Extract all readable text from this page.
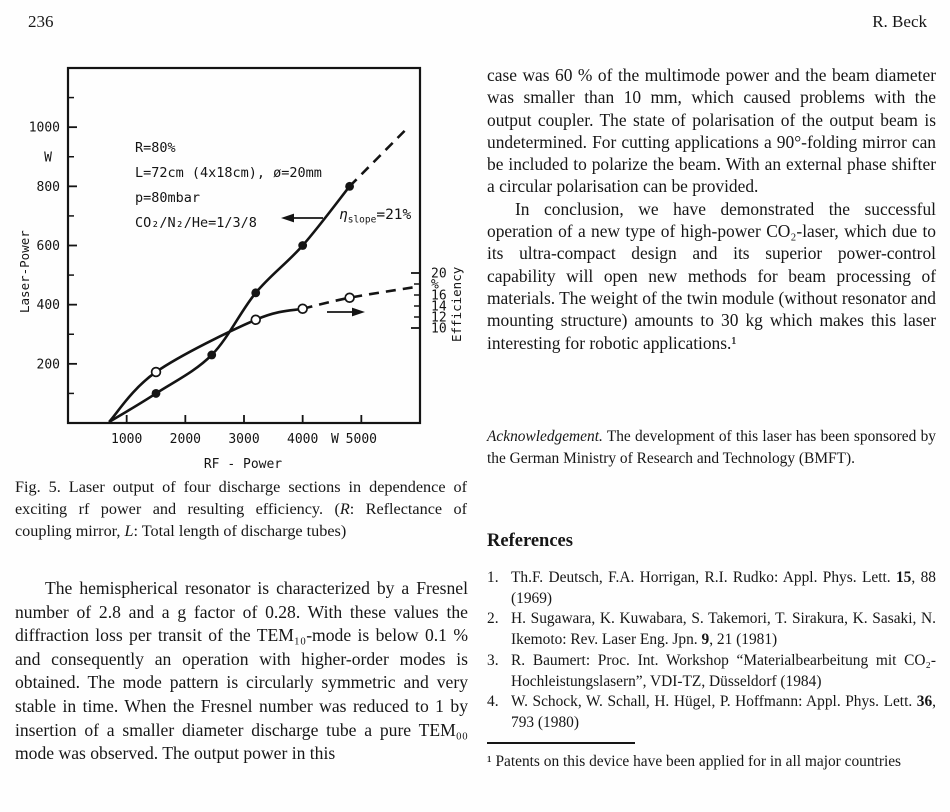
236	R. Beck
1000 2000 3000 4000 5000
W
RF - Power
200
400
600
800
1000
W
Laser-Power	20
%
16
14
12
10 Efficiency
R=80%
L=72cm (4x18cm), ø=20mm
p=80mbar
CO₂/N₂/He=1/3/8	$\eta_{slope}=21\%$

Fig. 5. Laser output of four discharge sections in dependence of exciting rf power and resulting efficiency. (R: Reflectance of coupling mirror, L: Total length of discharge tubes)

The hemispherical resonator is characterized by a Fresnel number of 2.8 and a g factor of 0.28. With these values the diffraction loss per transit of the TEM₁₀-mode is below 0.1 % and consequently an operation with higher-order modes is obtained. The mode pattern is circularly symmetric and very stable in time. When the Fresnel number was reduced to 1 by insertion of a smaller diameter discharge tube a pure TEM₀₀ mode was observed. The output power in this

case was 60 % of the multimode power and the beam diameter was smaller than 10 mm, which caused problems with the output coupler. The state of polarisation of the output beam is undetermined. For cutting applications a 90°-folding mirror can be included to polarize the beam. With an external phase shifter a circular polarisation can be provided.

In conclusion, we have demonstrated the successful operation of a new type of high-power CO₂-laser, which due to its ultra-compact design and its superior power-control capability will open new methods for beam processing of materials. The weight of the twin module (without resonator and mounting structure) amounts to 30 kg which makes this laser interesting for robotic applications.¹

Acknowledgement. The development of this laser has been sponsored by the German Ministry of Research and Technology (BMFT).

References
1. Th.F. Deutsch, F.A. Horrigan, R.I. Rudko: Appl. Phys. Lett. 15, 88 (1969)
2. H. Sugawara, K. Kuwabara, S. Takemori, T. Sirakura, K. Sasaki, N. Ikemoto: Rev. Laser Eng. Jpn. 9, 21 (1981)
3. R. Baumert: Proc. Int. Workshop “Materialbearbeitung mit CO₂-Hochleistungslasern”, VDI-TZ, Düsseldorf (1984)
4. W. Schock, W. Schall, H. Hügel, P. Hoffmann: Appl. Phys. Lett. 36, 793 (1980)

¹ Patents on this device have been applied for in all major countries
